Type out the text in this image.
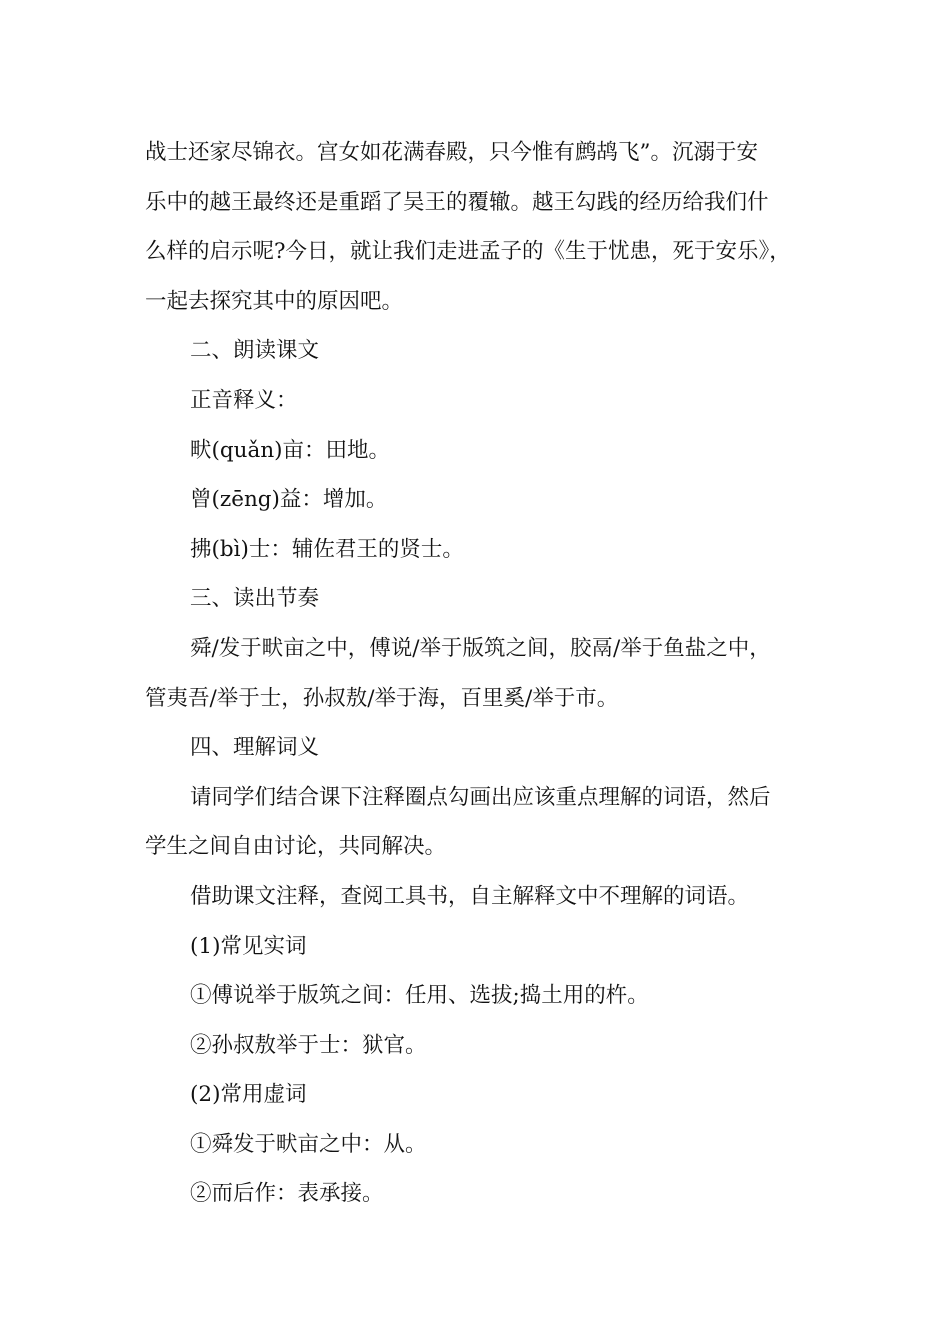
战士还家尽锦衣。宫女如花满春殿，只今惟有鹧鸪飞”。沉溺于安
乐中的越王最终还是重蹈了吴王的覆辙。越王勾践的经历给我们什
么样的启示呢?今日，就让我们走进孟子的《生于忧患，死于安乐》，
一起去探究其中的原因吧。
二、朗读课文
正音释义：
畎(quǎn)亩：田地。
曾(zēng)益：增加。
拂(bì)士：辅佐君王的贤士。
三、读出节奏
舜/发于畎亩之中，傅说/举于版筑之间，胶鬲/举于鱼盐之中，
管夷吾/举于士，孙叔敖/举于海，百里奚/举于市。
四、理解词义
请同学们结合课下注释圈点勾画出应该重点理解的词语，然后
学生之间自由讨论，共同解决。
借助课文注释，查阅工具书，自主解释文中不理解的词语。
(1)常见实词
①傅说举于版筑之间：任用、选拔;捣土用的杵。
②孙叔敖举于士：狱官。
(2)常用虚词
①舜发于畎亩之中：从。
②而后作：表承接。
